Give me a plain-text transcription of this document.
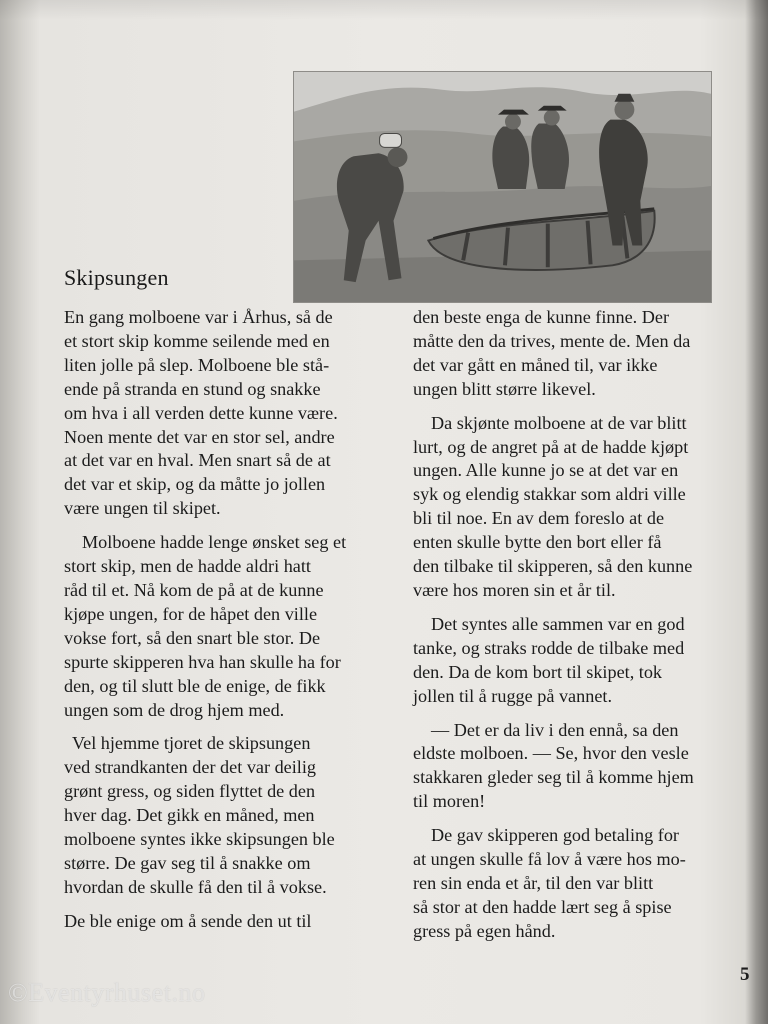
Skipsungen
En gang molboene var i Århus, så de
et stort skip komme seilende med en
liten jolle på slep. Molboene ble stå-
ende på stranda en stund og snakke
om hva i all verden dette kunne være.
Noen mente det var en stor sel, andre
at det var en hval. Men snart så de at
det var et skip, og da måtte jo jollen
være ungen til skipet.
Molboene hadde lenge ønsket seg et
stort skip, men de hadde aldri hatt
råd til et. Nå kom de på at de kunne
kjøpe ungen, for de håpet den ville
vokse fort, så den snart ble stor. De
spurte skipperen hva han skulle ha for
den, og til slutt ble de enige, de fikk
ungen som de drog hjem med.
Vel hjemme tjoret de skipsungen
ved strandkanten der det var deilig
grønt gress, og siden flyttet de den
hver dag. Det gikk en måned, men
molboene syntes ikke skipsungen ble
større. De gav seg til å snakke om
hvordan de skulle få den til å vokse.
De ble enige om å sende den ut til
den beste enga de kunne finne. Der
måtte den da trives, mente de. Men da
det var gått en måned til, var ikke
ungen blitt større likevel.
Da skjønte molboene at de var blitt
lurt, og de angret på at de hadde kjøpt
ungen. Alle kunne jo se at det var en
syk og elendig stakkar som aldri ville
bli til noe. En av dem foreslo at de
enten skulle bytte den bort eller få
den tilbake til skipperen, så den kunne
være hos moren sin et år til.
Det syntes alle sammen var en god
tanke, og straks rodde de tilbake med
den. Da de kom bort til skipet, tok
jollen til å rugge på vannet.
— Det er da liv i den ennå, sa den
eldste molboen. — Se, hvor den vesle
stakkaren gleder seg til å komme hjem
til moren!
De gav skipperen god betaling for
at ungen skulle få lov å være hos mo-
ren sin enda et år, til den var blitt
så stor at den hadde lært seg å spise
gress på egen hånd.
5
©Eventyrhuset.no
